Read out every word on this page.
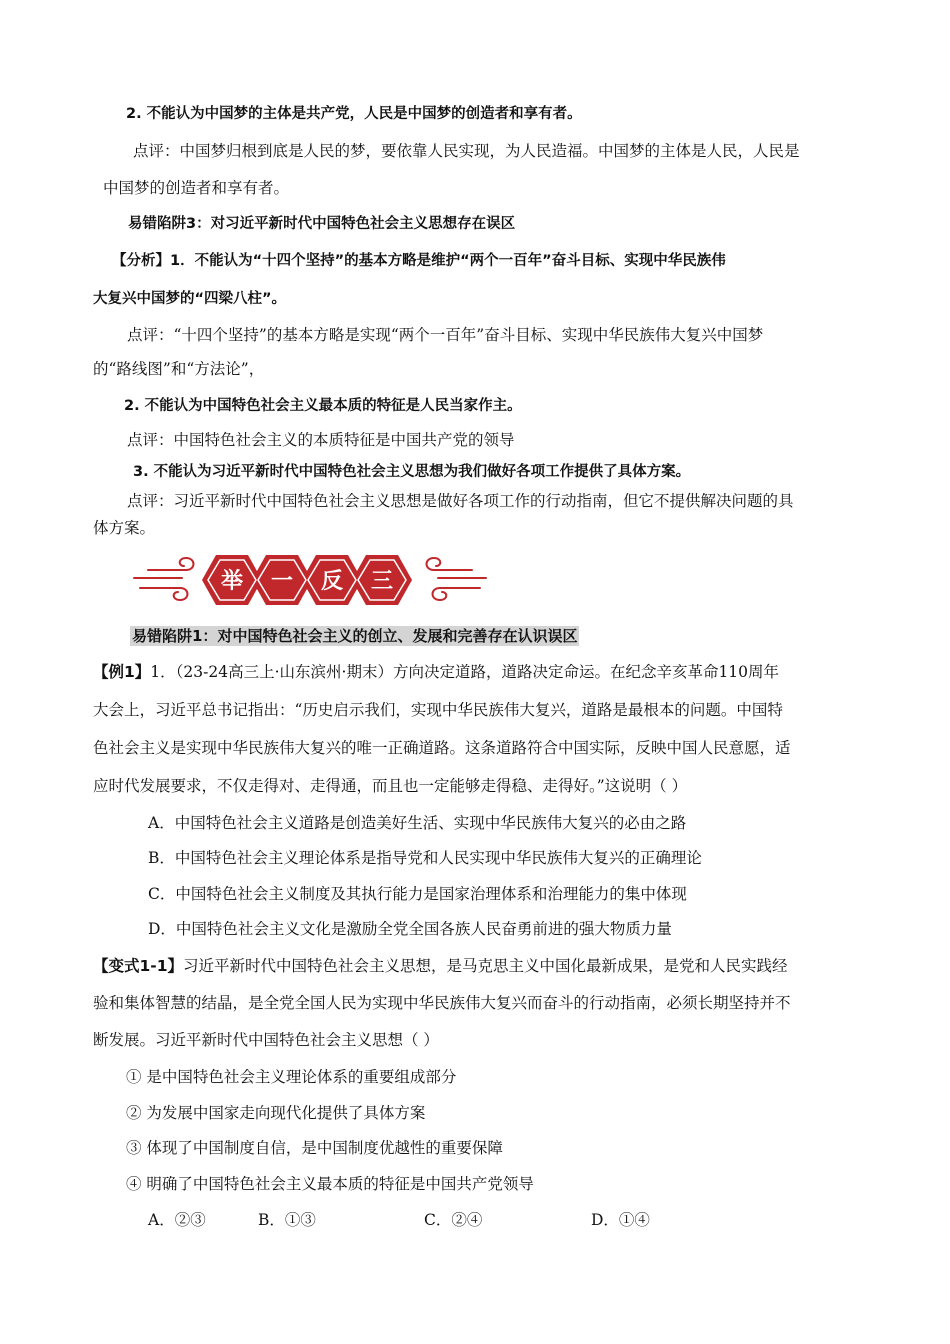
2. 不能认为中国梦的主体是共产党，人民是中国梦的创造者和享有者。
点评：中国梦归根到底是人民的梦，要依靠人民实现，为人民造福。中国梦的主体是人民，人民是
中国梦的创造者和享有者。
易错陷阱3：对习近平新时代中国特色社会主义思想存在误区
【分析】1．不能认为“十四个坚持”的基本方略是维护“两个一百年”奋斗目标、实现中华民族伟
大复兴中国梦的“四梁八柱”。
点评：“十四个坚持”的基本方略是实现“两个一百年”奋斗目标、实现中华民族伟大复兴中国梦
的“路线图”和“方法论”，
2. 不能认为中国特色社会主义最本质的特征是人民当家作主。
点评：中国特色社会主义的本质特征是中国共产党的领导
3. 不能认为习近平新时代中国特色社会主义思想为我们做好各项工作提供了具体方案。
点评：习近平新时代中国特色社会主义思想是做好各项工作的行动指南，但它不提供解决问题的具
体方案。
举 一 反 三
易错陷阱1：对中国特色社会主义的创立、发展和完善存在认识误区
【例1】1．（23-24高三上·山东滨州·期末）方向决定道路，道路决定命运。在纪念辛亥革命110周年
大会上，习近平总书记指出：“历史启示我们，实现中华民族伟大复兴，道路是最根本的问题。中国特
色社会主义是实现中华民族伟大复兴的唯一正确道路。这条道路符合中国实际，反映中国人民意愿，适
应时代发展要求，不仅走得对、走得通，而且也一定能够走得稳、走得好。”这说明（ ）
A．中国特色社会主义道路是创造美好生活、实现中华民族伟大复兴的必由之路
B．中国特色社会主义理论体系是指导党和人民实现中华民族伟大复兴的正确理论
C．中国特色社会主义制度及其执行能力是国家治理体系和治理能力的集中体现
D．中国特色社会主义文化是激励全党全国各族人民奋勇前进的强大物质力量
【变式1-1】习近平新时代中国特色社会主义思想，是马克思主义中国化最新成果，是党和人民实践经
验和集体智慧的结晶，是全党全国人民为实现中华民族伟大复兴而奋斗的行动指南，必须长期坚持并不
断发展。习近平新时代中国特色社会主义思想（ ）
① 是中国特色社会主义理论体系的重要组成部分
② 为发展中国家走向现代化提供了具体方案
③ 体现了中国制度自信，是中国制度优越性的重要保障
④ 明确了中国特色社会主义最本质的特征是中国共产党领导
A．②③	B．①③	C．②④	D．①④
